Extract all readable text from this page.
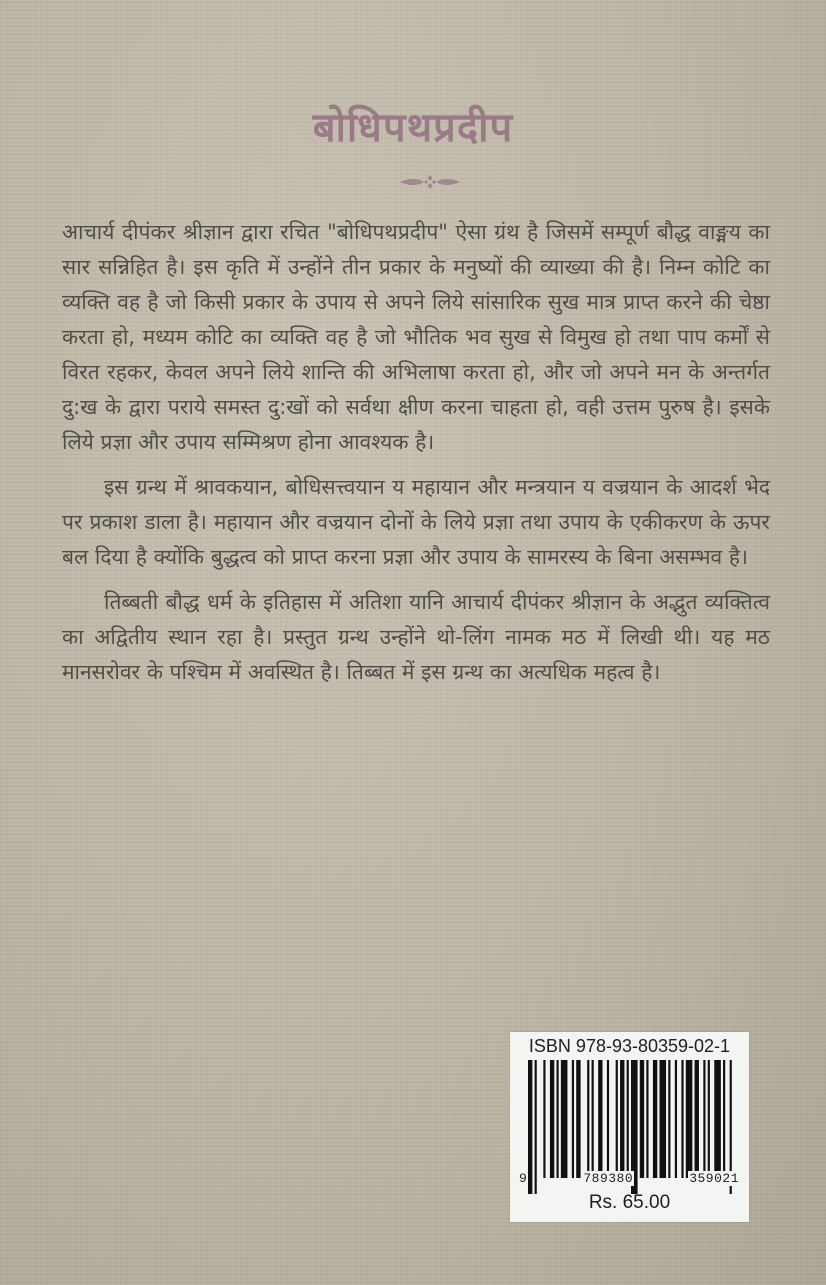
बोधिपथप्रदीप

आचार्य दीपंकर श्रीज्ञान द्वारा रचित "बोधिपथप्रदीप" ऐसा ग्रंथ है जिसमें सम्पूर्ण बौद्ध वाङ्मय का सार सन्निहित है। इस कृति में उन्होंने तीन प्रकार के मनुष्यों की व्याख्या की है। निम्न कोटि का व्यक्ति वह है जो किसी प्रकार के उपाय से अपने लिये सांसारिक सुख मात्र प्राप्त करने की चेष्ठा करता हो, मध्यम कोटि का व्यक्ति वह है जो भौतिक भव सुख से विमुख हो तथा पाप कर्मों से विरत रहकर, केवल अपने लिये शान्ति की अभिलाषा करता हो, और जो अपने मन के अन्तर्गत दु:ख के द्वारा पराये समस्त दु:खों को सर्वथा क्षीण करना चाहता हो, वही उत्तम पुरुष है। इसके लिये प्रज्ञा और उपाय सम्मिश्रण होना आवश्यक है।

इस ग्रन्थ में श्रावकयान, बोधिसत्त्वयान य महायान और मन्त्रयान य वज्रयान के आदर्श भेद पर प्रकाश डाला है। महायान और वज्रयान दोनों के लिये प्रज्ञा तथा उपाय के एकीकरण के ऊपर बल दिया है क्योंकि बुद्धत्व को प्राप्त करना प्रज्ञा और उपाय के सामरस्य के बिना असम्भव है।

तिब्बती बौद्ध धर्म के इतिहास में अतिशा यानि आचार्य दीपंकर श्रीज्ञान के अद्भुत व्यक्तित्व का अद्वितीय स्थान रहा है। प्रस्तुत ग्रन्थ उन्होंने थो-लिंग नामक मठ में लिखी थी। यह मठ मानसरोवर के पश्चिम में अवस्थित है। तिब्बत में इस ग्रन्थ का अत्यधिक महत्व है।

ISBN 978-93-80359-02-1
9	789380	359021
Rs. 65.00
